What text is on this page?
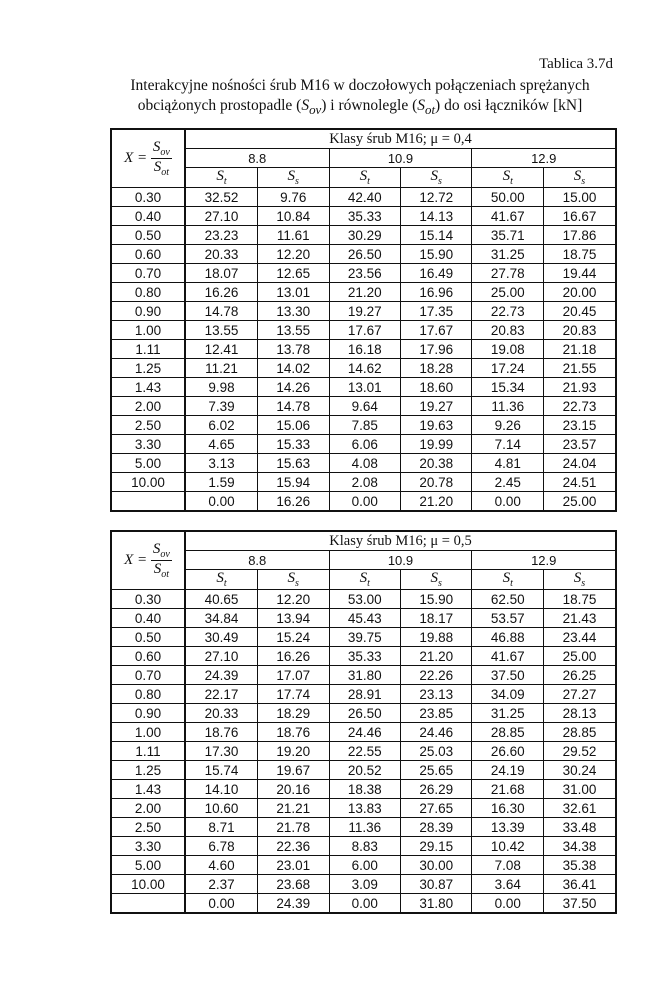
Tablica 3.7d
Interakcyjne nośności śrub M16 w doczołowych połączeniach sprężanych
obciążonych prostopadle $(S_{ov})$ i równolegle $(S_{ot})$ do osi łączników [kN]
$X = \frac{S_{ov}}{S_{ot}}$	Klasy śrub M16; μ = 0,4					
	8.8		10.9		12.9	
	$S_t$	$S_s$	$S_t$	$S_s$	$S_t$	$S_s$
0.30	32.52	9.76	42.40	12.72	50.00	15.00
0.40	27.10	10.84	35.33	14.13	41.67	16.67
0.50	23.23	11.61	30.29	15.14	35.71	17.86
0.60	20.33	12.20	26.50	15.90	31.25	18.75
0.70	18.07	12.65	23.56	16.49	27.78	19.44
0.80	16.26	13.01	21.20	16.96	25.00	20.00
0.90	14.78	13.30	19.27	17.35	22.73	20.45
1.00	13.55	13.55	17.67	17.67	20.83	20.83
1.11	12.41	13.78	16.18	17.96	19.08	21.18
1.25	11.21	14.02	14.62	18.28	17.24	21.55
1.43	9.98	14.26	13.01	18.60	15.34	21.93
2.00	7.39	14.78	9.64	19.27	11.36	22.73
2.50	6.02	15.06	7.85	19.63	9.26	23.15
3.30	4.65	15.33	6.06	19.99	7.14	23.57
5.00	3.13	15.63	4.08	20.38	4.81	24.04
10.00	1.59	15.94	2.08	20.78	2.45	24.51
	0.00	16.26	0.00	21.20	0.00	25.00
$X = \frac{S_{ov}}{S_{ot}}$	Klasy śrub M16; μ = 0,5					
	8.8		10.9		12.9	
	$S_t$	$S_s$	$S_t$	$S_s$	$S_t$	$S_s$
0.30	40.65	12.20	53.00	15.90	62.50	18.75
0.40	34.84	13.94	45.43	18.17	53.57	21.43
0.50	30.49	15.24	39.75	19.88	46.88	23.44
0.60	27.10	16.26	35.33	21.20	41.67	25.00
0.70	24.39	17.07	31.80	22.26	37.50	26.25
0.80	22.17	17.74	28.91	23.13	34.09	27.27
0.90	20.33	18.29	26.50	23.85	31.25	28.13
1.00	18.76	18.76	24.46	24.46	28.85	28.85
1.11	17.30	19.20	22.55	25.03	26.60	29.52
1.25	15.74	19.67	20.52	25.65	24.19	30.24
1.43	14.10	20.16	18.38	26.29	21.68	31.00
2.00	10.60	21.21	13.83	27.65	16.30	32.61
2.50	8.71	21.78	11.36	28.39	13.39	33.48
3.30	6.78	22.36	8.83	29.15	10.42	34.38
5.00	4.60	23.01	6.00	30.00	7.08	35.38
10.00	2.37	23.68	3.09	30.87	3.64	36.41
	0.00	24.39	0.00	31.80	0.00	37.50
